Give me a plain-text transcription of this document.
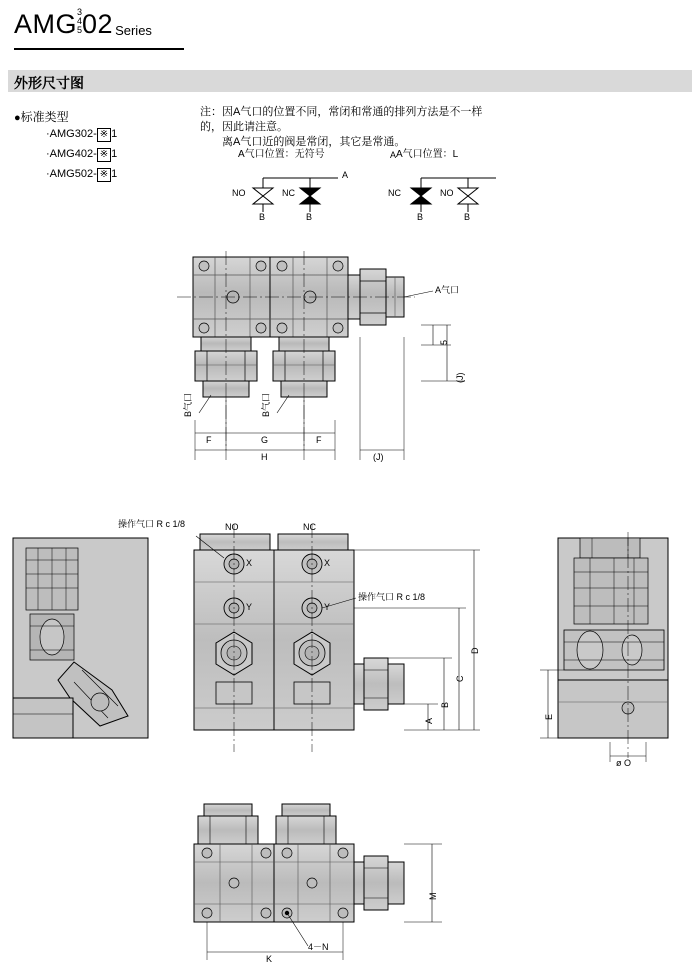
AMG 3
4
5 02 Series
外形尺寸图
●标准类型
·AMG302- ※ 1
·AMG402- ※ 1
·AMG502- ※ 1
注：因A气口的位置不同，常闭和常通的排列方法是不一样的，因此请注意。
离A气口近的阀是常闭，其它是常通。
A气口位置：无符号
A
NO	NC
B	B
A气口位置：L
A
NC	NO
B	B
A气口
5
(J)
B气口	B气口
F	G	F
H	(J)
操作气口 R c 1/8
操作气口 R c 1/8
NO	NC
X	X
Y	Y
A
B
C
D
E
ø O
K
M
4－N
